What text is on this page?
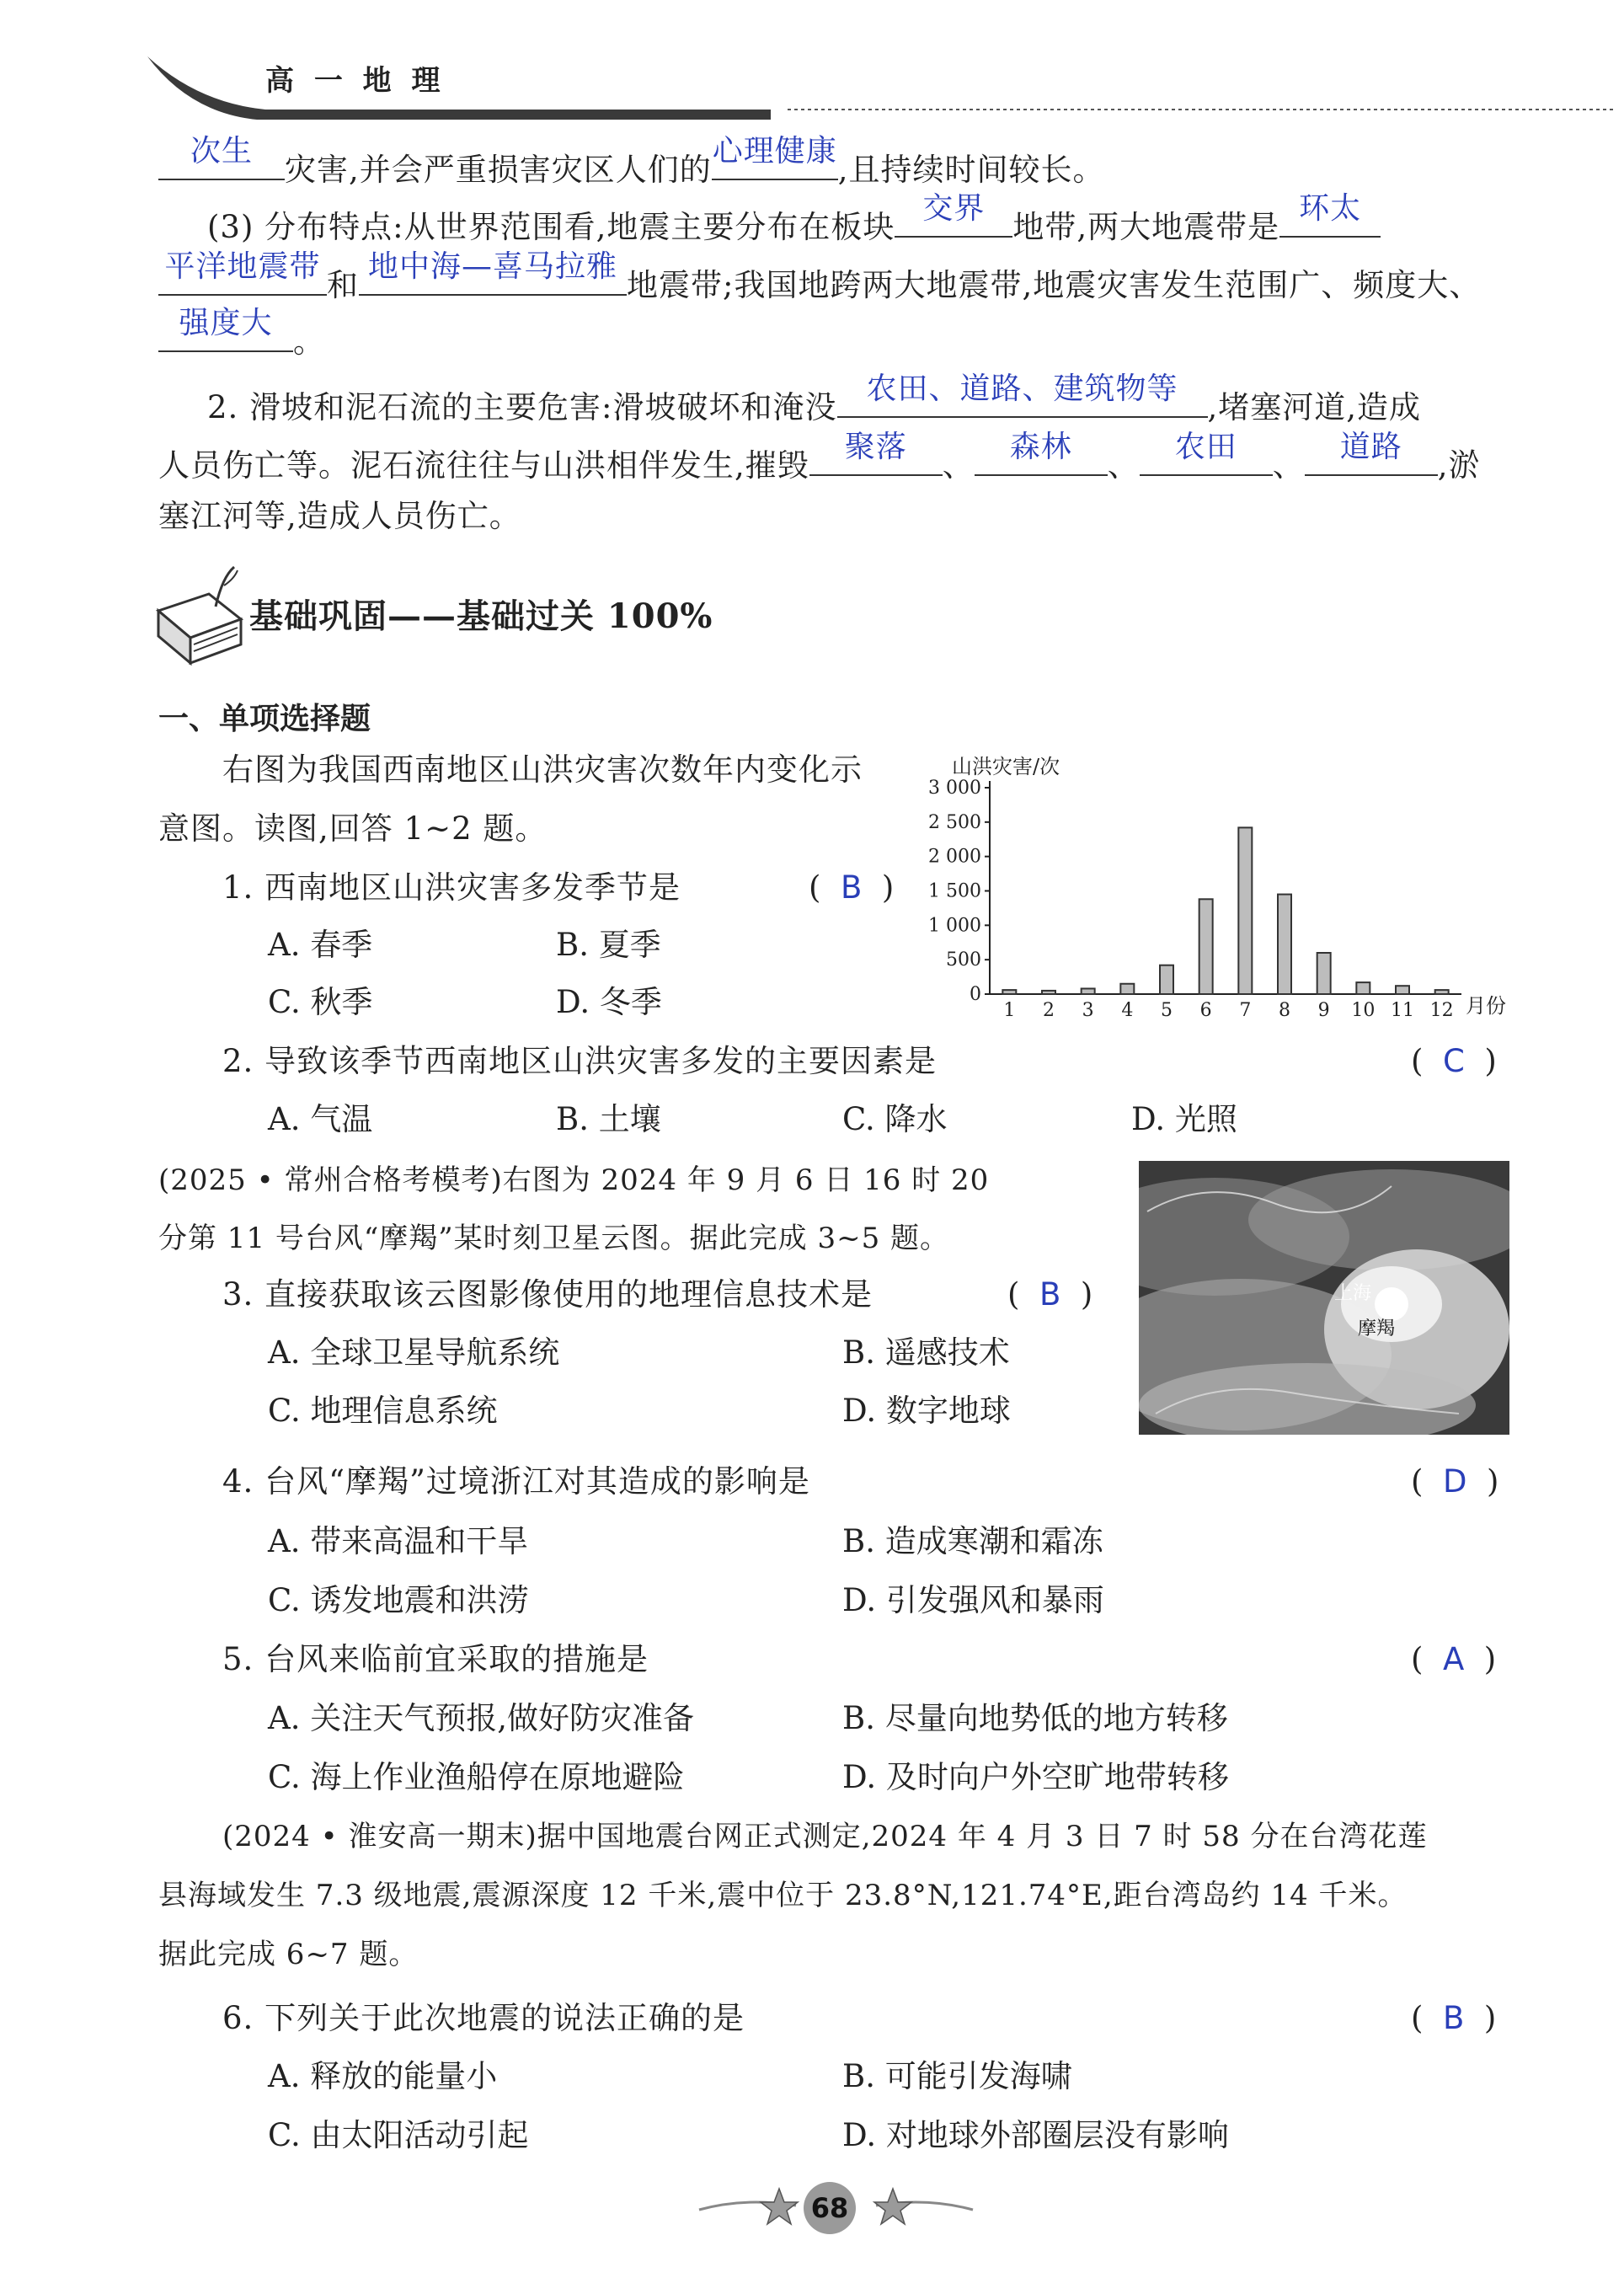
高 一 地 理
次生
灾害,并会严重损害灾区人们的
心理健康
,且持续时间较长。
(3) 分布特点:从世界范围看,地震主要分布在板块
交界
地带,两大地震带是
环太
平洋地震带
和
地中海—喜马拉雅
地震带;我国地跨两大地震带,地震灾害发生范围广、频度大、
强度大
。
2. 滑坡和泥石流的主要危害:滑坡破坏和淹没
农田、道路、建筑物等
,堵塞河道,造成
人员伤亡等。泥石流往往与山洪相伴发生,摧毁
聚落
、
森林
、
农田
、
道路
,淤
塞江河等,造成人员伤亡。
基础巩固——基础过关 100%
一、单项选择题
右图为我国西南地区山洪灾害次数年内变化示
意图。读图,回答 1~2 题。
1. 西南地区山洪灾害多发季节是	(  B  )
A. 春季	B. 夏季
C. 秋季	D. 冬季
山洪灾害/次
月份
0
500
1 000
1 500
2 000
2 500
3 000
1 2 3 4 5 6 7 8 9 10 11 12
2. 导致该季节西南地区山洪灾害多发的主要因素是	(  C  )
A. 气温	B. 土壤	C. 降水	D. 光照
(2025 • 常州合格考模考)右图为 2024 年 9 月 6 日 16 时 20
分第 11 号台风“摩羯”某时刻卫星云图。据此完成 3~5 题。
上海
摩羯
3. 直接获取该云图影像使用的地理信息技术是	(  B  )
A. 全球卫星导航系统	B. 遥感技术
C. 地理信息系统	D. 数字地球
4. 台风“摩羯”过境浙江对其造成的影响是	(  D  )
A. 带来高温和干旱	B. 造成寒潮和霜冻
C. 诱发地震和洪涝	D. 引发强风和暴雨
5. 台风来临前宜采取的措施是	(  A  )
A. 关注天气预报,做好防灾准备	B. 尽量向地势低的地方转移
C. 海上作业渔船停在原地避险	D. 及时向户外空旷地带转移
(2024 • 淮安高一期末)据中国地震台网正式测定,2024 年 4 月 3 日 7 时 58 分在台湾花莲
县海域发生 7.3 级地震,震源深度 12 千米,震中位于 23.8°N,121.74°E,距台湾岛约 14 千米。
据此完成 6~7 题。
6. 下列关于此次地震的说法正确的是	(  B  )
A. 释放的能量小	B. 可能引发海啸
C. 由太阳活动引起	D. 对地球外部圈层没有影响
68
